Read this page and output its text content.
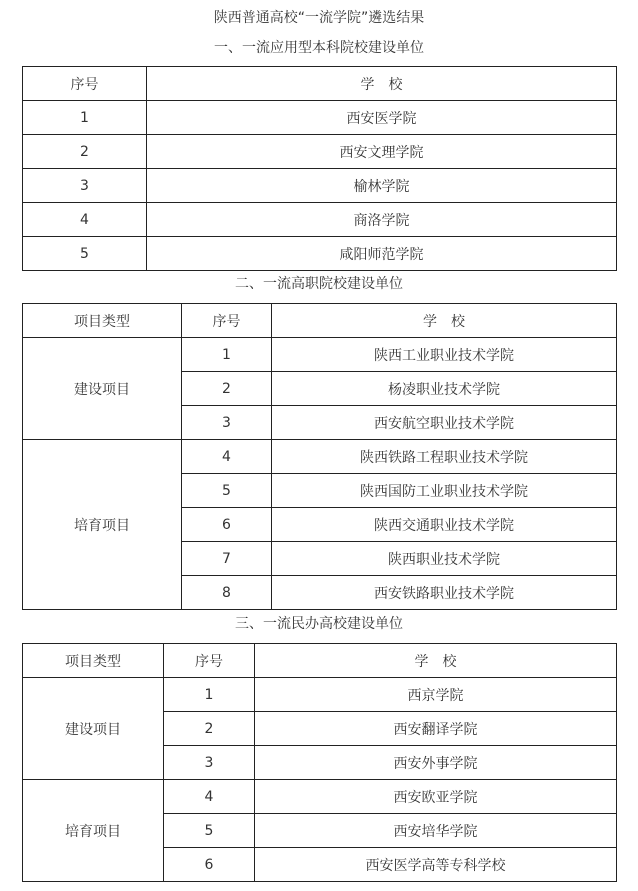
陕西普通高校“一流学院”遴选结果
一、一流应用型本科院校建设单位
序号	学　校
1	西安医学院
2	西安文理学院
3	榆林学院
4	商洛学院
5	咸阳师范学院
二、一流高职院校建设单位
项目类型	序号	学　校
建设项目	1	陕西工业职业技术学院
	2	杨凌职业技术学院
	3	西安航空职业技术学院
培育项目	4	陕西铁路工程职业技术学院
	5	陕西国防工业职业技术学院
	6	陕西交通职业技术学院
	7	陕西职业技术学院
	8	西安铁路职业技术学院
三、一流民办高校建设单位
项目类型	序号	学　校
建设项目	1	西京学院
	2	西安翻译学院
	3	西安外事学院
培育项目	4	西安欧亚学院
	5	西安培华学院
	6	西安医学高等专科学校
